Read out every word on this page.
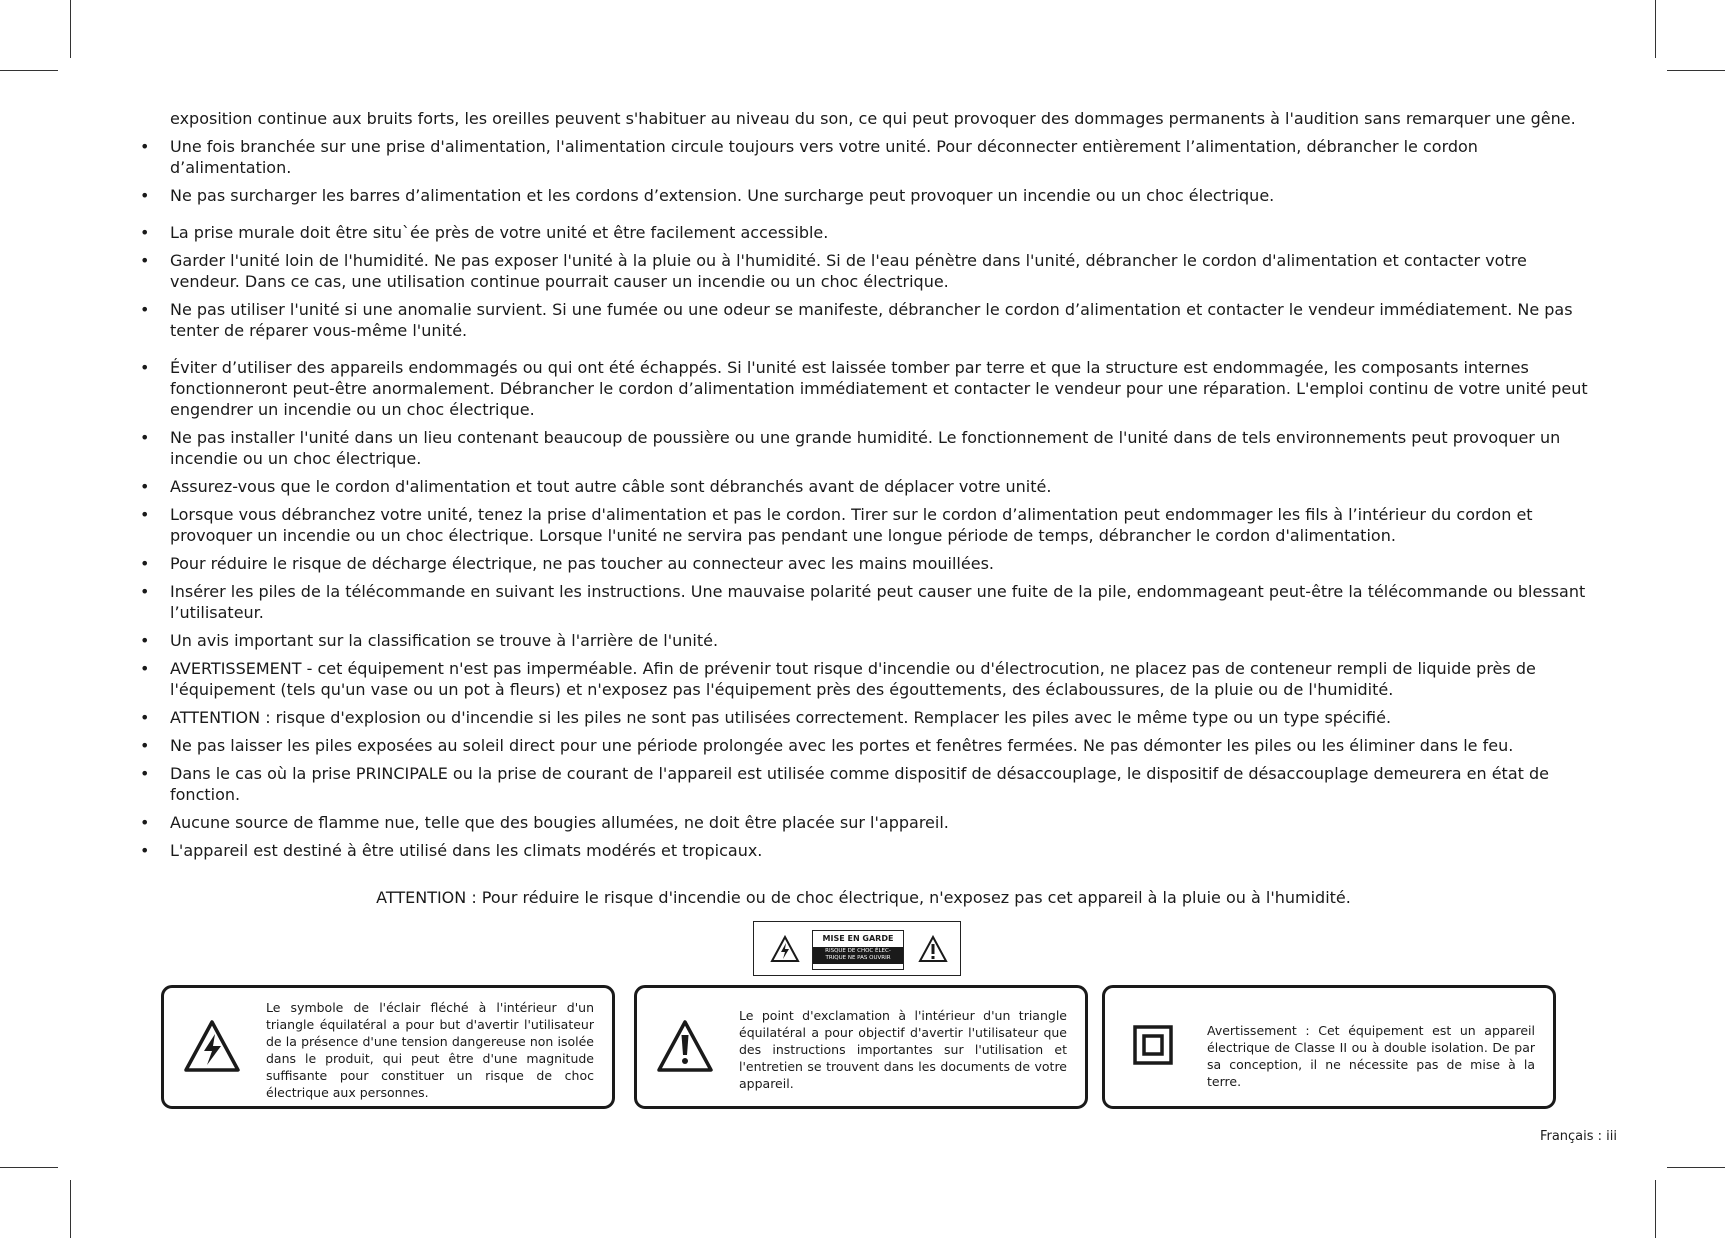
exposition continue aux bruits forts, les oreilles peuvent s'habituer au niveau du son, ce qui peut provoquer des dommages permanents à l'audition sans remarquer une gêne.
• Une fois branchée sur une prise d'alimentation, l'alimentation circule toujours vers votre unité. Pour déconnecter entièrement l’alimentation, débrancher le cordon d’alimentation.
• Ne pas surcharger les barres d’alimentation et les cordons d’extension. Une surcharge peut provoquer un incendie ou un choc électrique.
• La prise murale doit être situ`ée près de votre unité et être facilement accessible.
• Garder l'unité loin de l'humidité. Ne pas exposer l'unité à la pluie ou à l'humidité. Si de l'eau pénètre dans l'unité, débrancher le cordon d'alimentation et contacter votre vendeur. Dans ce cas, une utilisation continue pourrait causer un incendie ou un choc électrique.
• Ne pas utiliser l'unité si une anomalie survient. Si une fumée ou une odeur se manifeste, débrancher le cordon d’alimentation et contacter le vendeur immédiatement. Ne pas tenter de réparer vous-même l'unité.
• Éviter d’utiliser des appareils endommagés ou qui ont été échappés. Si l'unité est laissée tomber par terre et que la structure est endommagée, les composants internes fonctionneront peut-être anormalement. Débrancher le cordon d’alimentation immédiatement et contacter le vendeur pour une réparation. L'emploi continu de votre unité peut engendrer un incendie ou un choc électrique.
• Ne pas installer l'unité dans un lieu contenant beaucoup de poussière ou une grande humidité. Le fonctionnement de l'unité dans de tels environnements peut provoquer un incendie ou un choc électrique.
• Assurez-vous que le cordon d'alimentation et tout autre câble sont débranchés avant de déplacer votre unité.
• Lorsque vous débranchez votre unité, tenez la prise d'alimentation et pas le cordon. Tirer sur le cordon d’alimentation peut endommager les fils à l’intérieur du cordon et provoquer un incendie ou un choc électrique. Lorsque l'unité ne servira pas pendant une longue période de temps, débrancher le cordon d'alimentation.
• Pour réduire le risque de décharge électrique, ne pas toucher au connecteur avec les mains mouillées.
• Insérer les piles de la télécommande en suivant les instructions. Une mauvaise polarité peut causer une fuite de la pile, endommageant peut-être la télécommande ou blessant l’utilisateur.
• Un avis important sur la classification se trouve à l'arrière de l'unité.
• AVERTISSEMENT - cet équipement n'est pas imperméable. Afin de prévenir tout risque d'incendie ou d'électrocution, ne placez pas de conteneur rempli de liquide près de l'équipement (tels qu'un vase ou un pot à fleurs) et n'exposez pas l'équipement près des égouttements, des éclaboussures, de la pluie ou de l'humidité.
• ATTENTION : risque d'explosion ou d'incendie si les piles ne sont pas utilisées correctement. Remplacer les piles avec le même type ou un type spécifié.
• Ne pas laisser les piles exposées au soleil direct pour une période prolongée avec les portes et fenêtres fermées. Ne pas démonter les piles ou les éliminer dans le feu.
• Dans le cas où la prise PRINCIPALE ou la prise de courant de l'appareil est utilisée comme dispositif de désaccouplage, le dispositif de désaccouplage demeurera en état de fonction.
• Aucune source de flamme nue, telle que des bougies allumées, ne doit être placée sur l'appareil.
• L'appareil est destiné à être utilisé dans les climats modérés et tropicaux.
ATTENTION : Pour réduire le risque d'incendie ou de choc électrique, n'exposez pas cet appareil à la pluie ou à l'humidité.
MISE EN GARDE
RISQUE DE CHOC ÉLEC-
TRIQUE NE PAS OUVRIR
Le symbole de l'éclair fléché à l'intérieur d'un triangle équilatéral a pour but d'avertir l'utilisateur de la présence d'une tension dangereuse non isolée dans le produit, qui peut être d'une magnitude suffisante pour constituer un risque de choc électrique aux personnes.
Le point d'exclamation à l'intérieur d'un triangle équilatéral a pour objectif d'avertir l'utilisateur que des instructions importantes sur l'utilisation et l'entretien se trouvent dans les documents de votre appareil.
Avertissement : Cet équipement est un appareil électrique de Classe II ou à double isolation. De par sa conception, il ne nécessite pas de mise à la terre.
Français : iii
